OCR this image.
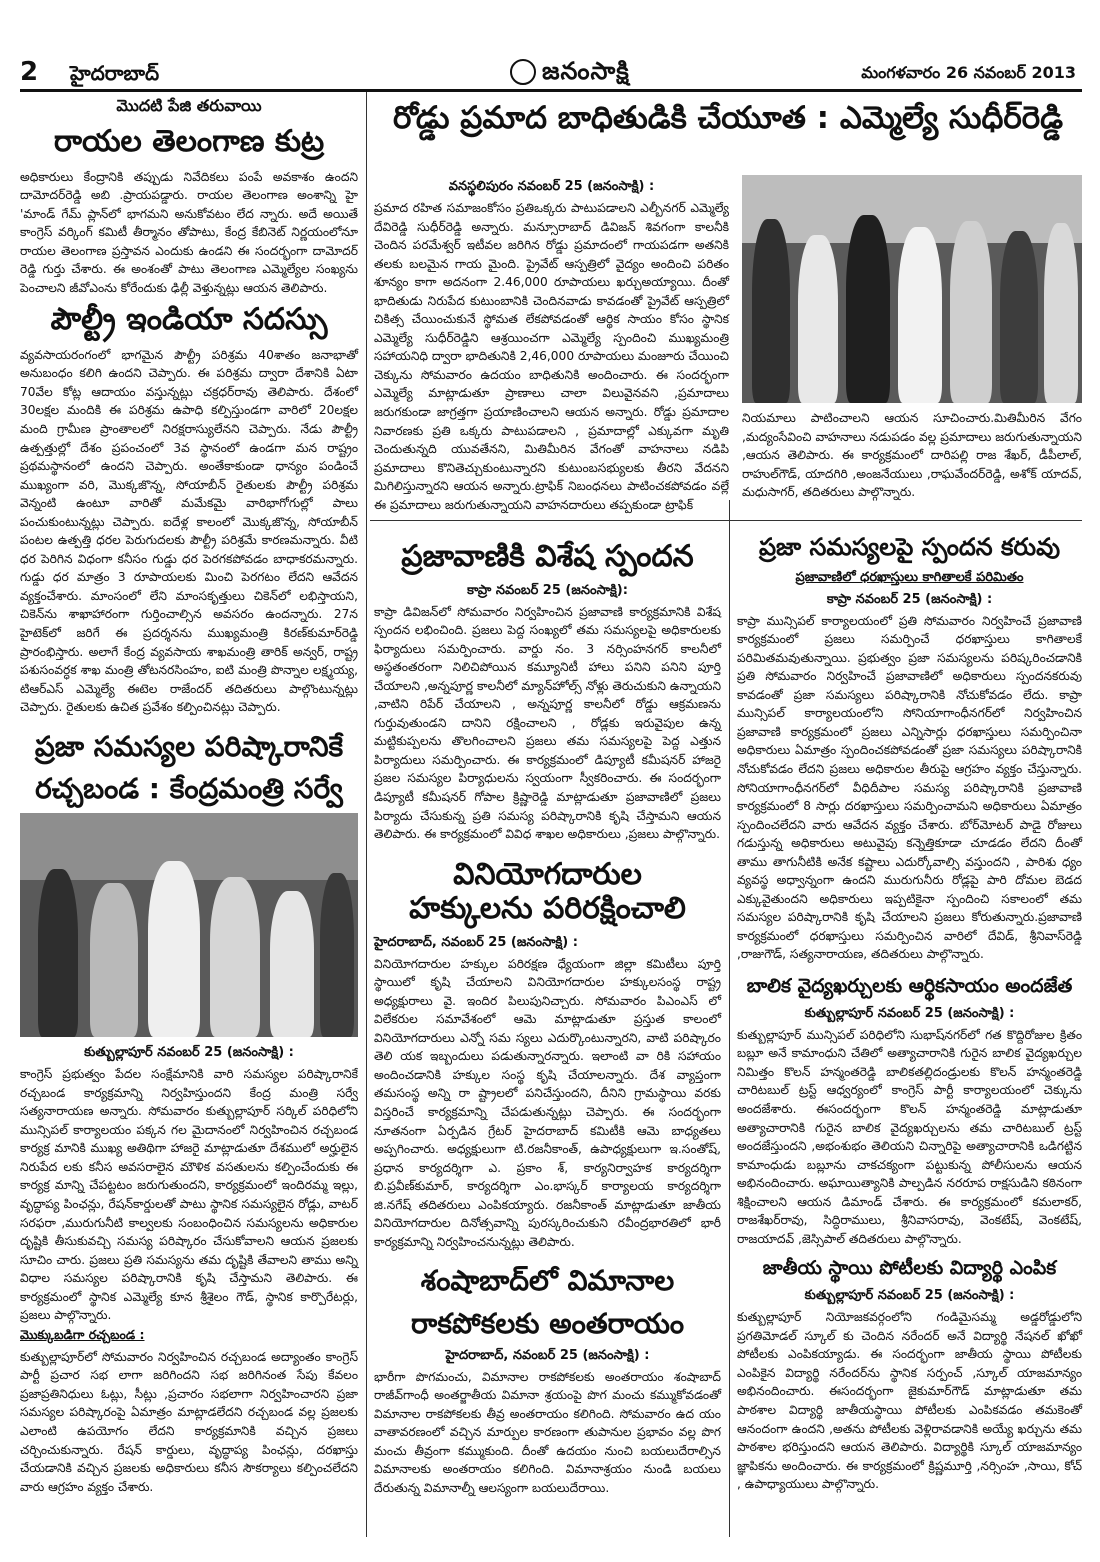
2 హైదరాబాద్	జనంసాక్షి	మంగళవారం 26 నవంబర్ 2013
మొదటి పేజి తరువాయి
రాయల తెలంగాణ కుట్ర

అధికారులు కేంద్రానికి తప్పుడు నివేదికలు పంపే అవకాశం ఉందని దామోదర్‌రెడ్డి అబి .ప్రాయపడ్డారు. రాయల తెలంగాణ అంశాన్ని హై 'మాండ్ గేమ్ ప్లాన్‌లో భాగమని అనుకోవటం లేద న్నారు. అదే అయితే కాంగ్రెస్ వర్కింగ్ కమిటీ తీర్మానం తోపాటు, కేంద్ర కేబినెట్ నిర్ణయంలోనూ రాయల తెలంగాణ ప్రస్తావన ఎందుకు ఉండని ఈ సందర్భంగా దామోదర్ రెడ్డి గుర్తు చేశారు. ఈ అంశంతో పాటు తెలంగాణ ఎమ్మెల్యేల సంఖ్యను పెంచాలని జీవోఎంను కోరేందుకు ఢిల్లీ వెళ్తున్నట్లు ఆయన తెలిపారు.

పౌల్ట్రీ ఇండియా సదస్సు

వ్యవసాయరంగంలో భాగమైన పౌల్ట్రీ పరిశ్రమ 40శాతం జనాభాతో అనుబంధం కలిగి ఉందని చెప్పారు. ఈ పరిశ్రమ ద్వారా దేశానికి ఏటా 70వేల కోట్ల ఆదాయం వస్తున్నట్లు చక్రధర్‌రావు తెలిపారు. దేశంలో 30లక్షల మందికి ఈ పరిశ్రమ ఉపాధి కల్పిస్తుండగా వారిలో 20లక్షల మంది గ్రామీణ ప్రాంతాలలో నిరక్షరాస్యులేనని చెప్పారు. నేడు పౌల్ట్రీ ఉత్పత్తుల్లో దేశం ప్రపంచంలో 3వ స్థానంలో ఉండగా మన రాష్ట్రం ప్రథమస్థానంలో ఉందని చెప్పారు. అంతేకాకుండా ధాన్యం పండించే ముఖ్యంగా వరి, మొక్కజొన్న, సోయాబీన్ రైతులకు పౌల్ట్రీ పరిశ్రమ వెన్నంటి ఉంటూ వారితో మమేకమై వారిభాగోగుల్లో పాలు పంచుకుంటున్నట్లు చెప్పారు. ఐదేళ్ల కాలంలో మొక్కజొన్న, సోయాబీన్ పంటల ఉత్పత్తి ధరల పెరుగుదలకు పౌల్ట్రీ పరిశ్రమే కారణమన్నారు. వీటి ధర పెరిగిన విధంగా కనీసం గుడ్డు ధర పెరగకపోవడం బాధాకరమన్నారు. గుడ్డు ధర మాత్రం 3 రూపాయలకు మించి పెరగటం లేదని ఆవేదన వ్యక్తంచేశారు. మాంసంలో లేని మాంసకృత్తులు చికెన్‌లో లభిస్తాయని, చికెన్‌ను శాఖాహారంగా గుర్తించాల్సిన అవసరం ఉందన్నారు. 27న హైటెక్‌లో జరిగే ఈ ప్రదర్శనను ముఖ్యమంత్రి కిరణ్‌కుమార్‌రెడ్డి ప్రారంభిస్తారు. అలాగే కేంద్ర వ్యవసాయ శాఖమంత్రి తారిక్ అన్వర్, రాష్ట్ర పశుసంవర్ధక శాఖ మంత్రి తోటనరసింహం, ఐటి మంత్రి పొన్నాల లక్ష్మయ్య, టిఆర్ఎస్ ఎమ్మెల్యే ఈటెల రాజేందర్ తదితరులు పాల్గొంటున్నట్లు చెప్పారు. రైతులకు ఉచిత ప్రవేశం కల్పించినట్లు చెప్పారు.

ప్రజా సమస్యల పరిష్కారానికే
రచ్చబండ : కేంద్రమంత్రి సర్వే
కుత్బుల్లాపూర్ నవంబర్ 25 (జనంసాక్షి) :

కాంగ్రెస్ ప్రభుత్వం పేదల సంక్షేమానికి వారి సమస్యల పరిష్కారానికే రచ్చబండ కార్యక్రమాన్ని నిర్వహిస్తుందని కేంద్ర మంత్రి సర్వే సత్యనారాయణ అన్నారు. సోమవారం కుత్బుల్లాపూర్ సర్కిల్ పరిధిలోని మున్సిపల్ కార్యాలయం పక్కన గల మైదానంలో నిర్వహించిన రచ్చబండ కార్యక్ర మానికి ముఖ్య అతిథిగా హాజరై మాట్లాడుతూ దేశములో అర్హులైన నిరుపేద లకు కనీస అవసరాలైన మౌళిక వసతులను కల్పించేందుకు ఈ కార్యక్ర మాన్ని చేపట్టటం జరుగుతుందని, కార్యక్రమంలో ఇందిరమ్మ ఇల్లు, వృద్ధాప్య పింఛన్లు, రేషన్‌కార్డులతో పాటు స్థానిక సమస్యలైన రోడ్లు, వాటర్ సరఫరా ,మురుగునీటి కాల్వలకు సంబంధించిన సమస్యలను అధికారుల దృష్టికి తీసుకువచ్చి సమస్య పరిష్కారం చేసుకోవాలని ఆయన ప్రజలకు సూచిం చారు. ప్రజలు ప్రతి సమస్యను తమ దృష్టికి తేవాలని తాము అన్ని విధాల సమస్యల పరిష్కారానికి కృషి చేస్తామని తెలిపారు. ఈ కార్యక్రమంలో స్థానిక ఎమ్మెల్యే కూన శ్రీశైలం గౌడ్, స్థానిక కార్పొరేటర్లు, ప్రజలు పాల్గొన్నారు.

మొక్కుబడిగా రచ్చబండ :

కుత్బుల్లాపూర్‌లో సోమవారం నిర్వహించిన రచ్చబండ అద్యాంతం కాంగ్రెస్ పార్టీ ప్రచార సభ లాగా జరిగిందని సభ జరిగినంత సేపు కేవలం ప్రజాప్రతినిధులు ఓట్లు, సీట్లు ,ప్రచారం సభలాగా నిర్వహించారని ప్రజా సమస్యల పరిష్కారంపై ఏమాత్రం మాట్లాడలేదని రచ్చబండ వల్ల ప్రజలకు ఎలాంటి ఉపయోగం లేదని కార్యక్రమానికి వచ్చిన ప్రజలు చర్చించుకున్నారు. రేషన్ కార్డులు, వృద్ధాప్య పింఛన్లు, దరఖాస్తు చేయడానికి వచ్చిన ప్రజలకు అధికారులు కనీస సౌకర్యాలు కల్పించలేదని వారు ఆగ్రహం వ్యక్తం చేశారు.

రోడ్డు ప్రమాద బాధితుడికి చేయూత : ఎమ్మెల్యే సుధీర్‌రెడ్డి
వనస్థలిపురం నవంబర్ 25 (జనంసాక్షి) :

ప్రమాద రహిత సమాజంకోసం ప్రతిఒక్కరు పాటుపడాలని ఎల్బీనగర్ ఎమ్మెల్యే దేవిరెడ్డి సుధీర్‌రెడ్డి అన్నారు. మన్సూరాబాద్ డివిజన్ శివగంగా కాలనీకి చెందిన పరమేశ్వర్ ఇటీవల జరిగిన రోడ్డు ప్రమాదంలో గాయపడగా అతనికి తలకు బలమైన గాయ మైంది. ప్రైవేట్ ఆస్పత్రిలో వైద్యం అందించి పరితం శూన్యం కాగా అదనంగా 2.46,000 రూపాయలు ఖర్చుఅయ్యాయి. దీంతో భాదితుడు నిరుపేద కుటుంబానికి చెందినవాడు కావడంతో ప్రైవేట్ ఆస్పత్రిలో చికిత్స చేయించుకునే స్థోమత లేకపోవడంతో ఆర్థిక సాయం కోసం స్థానిక ఎమ్మెల్యే సుధీర్‌రెడ్డిని ఆశ్రయించగా ఎమ్మెల్యే స్పందించి ముఖ్యమంత్రి సహాయనిధి ద్వారా భాదితునికి 2,46,000 రూపాయలు మంజూరు చేయించి చెక్కును సోమవారం ఉదయం బాధితునికి అందించారు. ఈ సందర్భంగా ఎమ్మెల్యే మాట్లాడుతూ ప్రాణాలు చాలా విలువైనవని ,ప్రమాదాలు జరుగకుండా జాగ్రత్తగా ప్రయాణించాలని ఆయన అన్నారు. రోడ్డు ప్రమాదాల నివారణకు ప్రతి ఒక్కరు పాటుపడాలని , ప్రమాదాల్లో ఎక్కువగా మృతి చెందుతున్నది యువతేనని, మితిమీరిన వేగంతో వాహనాలు నడిపి ప్రమాదాలు కొనితెచ్చుకుంటున్నారని కుటుంబసభ్యులకు తీరని వేదనని మిగిలిస్తున్నారని ఆయన అన్నారు.ట్రాఫిక్ నిబంధనలు పాటించకపోవడం వల్లే ఈ ప్రమాదాలు జరుగుతున్నాయని వాహనదారులు తప్పకుండా ట్రాఫిక్

నియమాలు పాటించాలని ఆయన సూచించారు.మితిమీరిన వేగం ,మద్యంసేవించి వాహనాలు నడుపడం వల్ల ప్రమాదాలు జరుగుతున్నాయని ,ఆయన తెలిపారు. ఈ కార్యక్రమంలో దారిపల్లి రాజ శేఖర్, డీపీలాల్, రాహుల్‌గౌడ్, యాదగిరి ,అంజనేయులు ,రాఘవేందర్‌రెడ్డి, అశోక్ యాదవ్, మధుసాగర్, తదితరులు పాల్గొన్నారు.

ప్రజావాణికి విశేష స్పందన
కాప్రా నవంబర్ 25 (జనంసాక్షి):

కాప్రా డివిజన్‌లో సోమవారం నిర్వహించిన ప్రజావాణి కార్యక్రమానికి విశేష స్పందన లభించింది. ప్రజలు పెద్ద సంఖ్యలో తమ సమస్యలపై అధికారులకు ఫిర్యాదులు సమర్పించారు. వార్డు నం. 3 నర్సింహనగర్ కాలనీలో అస్థతంతరంగా నిలిచిపోయిన కమ్యూనిటీ హాలు పనిని పనిని పూర్తి చేయాలని ,అన్నపూర్ణ కాలనీలో మ్యాన్‌హోల్స్ నోళ్లు తెరుచుకుని ఉన్నాయని ,వాటిని రిపేర్ చేయాలని , అన్నపూర్ణ కాలనీలో రోడ్డు ఆక్రమణను గుర్తువుతుండని దానిని రక్షించాలని , రోడ్లకు ఇరువైపుల ఉన్న మట్టికుప్పలను తొలగించాలని ప్రజలు తమ సమస్యలపై పెద్ద ఎత్తున పిర్యాదులు సమర్పించారు. ఈ కార్యక్రమంలో డిప్యూటీ కమీషనర్ హాజరై ప్రజల సమస్యల పిర్యాధులను స్వయంగా స్వీకరించారు. ఈ సందర్భంగా డిప్యూటీ కమీషనర్ గోపాల క్రిష్ణారెడ్డి మాట్లాడుతూ ప్రజావాణిలో ప్రజలు పిర్యాదు చేసుకున్న ప్రతి సమస్య పరిష్కారానికి కృషి చేస్తామని ఆయన తెలిపారు. ఈ కార్యక్రమంలో వివిధ శాఖల అధికారులు ,ప్రజలు పాల్గొన్నారు.

వినియోగదారుల
హక్కులను పరిరక్షించాలి
హైదరాబాద్, నవంబర్ 25 (జనంసాక్షి) :

వినియోగదారుల హక్కుల పరిరక్షణ ధ్యేయంగా జిల్లా కమిటీలు పూర్తి స్థాయిలో కృషి చేయాలని వినియోగదారుల హక్కులసంస్థ రాష్ట్ర అధ్యక్షురాలు వై. ఇందిర పిలుపునిచ్చారు. సోమవారం పిఎంఎస్ లో విలేకరుల సమావేశంలో ఆమె మాట్లాడుతూ ప్రస్తుత కాలంలో వినియోగదారులు ఎన్నో సమ స్యలు ఎదుర్కొంటున్నారని, వాటి పరిష్కారం తెలి యక ఇబ్బందులు పడుతున్నారన్నారు. ఇలాంటి వా రికి సహాయం అందించడానికి హక్కుల సంస్థ కృషి చేయాలన్నారు. దేశ వ్యాప్తంగా తమసంస్థ అన్ని రా ష్ట్రాలలో పనిచేస్తుందని, దీనిని గ్రామస్థాయి వరకు విస్తరించే కార్యక్రమాన్ని చేపడుతున్నట్లు చెప్పారు. ఈ సందర్భంగా నూతనంగా ఏర్పడిన గ్రేటర్ హైదరాబాద్ కమిటీకి ఆమె బాధ్యతలు అప్పగించారు. అధ్యక్షులుగా టి.రజనీకాంత్, ఉపాధ్యక్షులుగా ఇ.సంతోష్, ప్రధాన కార్యదర్శిగా ఎ. ప్రకాం శ్, కార్యనిర్వాహక కార్యదర్శిగా బి.ప్రవీణ్‌కుమార్, కార్యదర్శిగా ఎం.భాస్కర్ కార్యాలయ కార్యదర్శిగా జి.నగేష్ తదితరులు ఎంపికయ్యారు. రజనీకాంత్ మాట్లాడుతూ జాతీయ వినియోగదారుల దినోత్సవాన్ని పురస్కరించుకుని రవీంద్రభారతిలో భారీ కార్యక్రమాన్ని నిర్వహించనున్నట్లు తెలిపారు.

శంషాబాద్‌లో విమానాల
రాకపోకలకు అంతరాయం
హైదరాబాద్, నవంబర్ 25 (జనంసాక్షి) :

భారీగా పొగమంచు, విమానాల రాకపోకలకు అంతరాయం శంషాబాద్ రాజీవ్‌గాంధీ అంతర్జాతీయ విమానా శ్రయంపై పొగ మంచు కమ్ముకోవడంతో విమానాల రాకపోకలకు తీవ్ర అంతరాయం కలిగింది. సోమవారం ఉద యం వాతావరణంలో వచ్చిన మార్పుల కారణంగా తుపానుల ప్రభావం వల్ల పొగ మంచు తీవ్రంగా కమ్ముకుంది. దీంతో ఉదయం నుంచి బయలుదేరాల్సిన విమానాలకు అంతరాయం కలిగింది. విమానాశ్రయం నుండి బయలు దేరుతున్న విమానాల్నీ ఆలస్యంగా బయలుదేరాయి.

ప్రజా సమస్యలపై స్పందన కరువు
ప్రజావాణిలో ధరఖాస్తులు కాగితాలకే పరిమితం
కాప్రా నవంబర్ 25 (జనంసాక్షి) :

కాప్రా మున్సిపల్ కార్యాలయంలో ప్రతి సోమవారం నిర్వహించే ప్రజావాణి కార్యక్రమంలో ప్రజలు సమర్పించే ధరఖాస్తులు కాగితాలకే పరిమితమవుతున్నాయి. ప్రభుత్వం ప్రజా సమస్యలను పరిష్కరించడానికి ప్రతి సోమవారం నిర్వహించే ప్రజావాణిలో అధికారులు స్పందనకరువు కావడంతో ప్రజా సమస్యలు పరిష్కారానికి నోచుకోవడం లేదు. కాప్రా మున్సిపల్ కార్యాలయంలోని సోనియాగాంధీనగర్‌లో నిర్వహించిన ప్రజావాణి కార్యక్రమంలో ప్రజలు ఎన్నిసార్లు ధరఖాస్తులు సమర్పించినా అధికారులు ఏమాత్రం స్పందించకపోవడంతో ప్రజా సమస్యలు పరిష్కారానికి నోచుకోవడం లేదని ప్రజలు అధికారుల తీరుపై ఆగ్రహం వ్యక్తం చేస్తున్నారు. సోనియాగాంధీనగర్‌లో వీధిదీపాల సమస్య పరిష్కారానికి ప్రజావాణి కార్యక్రమంలో 8 సార్లు దరఖాస్తులు సమర్పించామని అధికారులు ఏమాత్రం స్పందించలేదని వారు ఆవేదన వ్యక్తం చేశారు. బోర్‌మోటర్ పాడై రోజులు గడుస్తున్న అధికారులు అటువైపు కన్నెత్తికూడా చూడడం లేదని దీంతో తాము తాగునీటికి అనేక కష్టాలు ఎదుర్కోవాల్సి వస్తుందని , పారిశు ధ్యం వ్యవస్థ అధ్వాన్నంగా ఉందని మురుగునీరు రోడ్లపై పారి దోమల బెడద ఎక్కువైతుందని అధికారులు ఇప్పటికైనా స్పందించి సకాలంలో తమ సమస్యల పరిష్కారానికి కృషి చేయాలని ప్రజలు కోరుతున్నారు.ప్రజావాణి కార్యక్రమంలో ధరఖాస్తులు సమర్పించిన వారిలో దేవిడ్, శ్రీనివాస్‌రెడ్డి ,రాజుగౌడ్, సత్యనారాయణ, తదితరులు పాల్గొన్నారు.

బాలిక వైద్యఖర్చులకు ఆర్థికసాయం అందజేత
కుత్బుల్లాపూర్ నవంబర్ 25 (జనంసాక్షి) :

కుత్బుల్లాపూర్ మున్సిపల్ పరిధిలోని సుభాష్‌నగర్‌లో గత కొద్దిరోజుల క్రితం బబ్లూ అనే కామాంధుని చేతిలో అత్యాచారానికి గురైన బాలిక వైద్యఖర్చుల నిమిత్తం కొలన్ హన్మంతరెడ్డి బాలికతల్లిదండ్రులకు కొలన్ హన్మంతరెడ్డి చారిటబుల్ ట్రస్ట్ ఆధ్వర్యంలో కాంగ్రెస్ పార్టీ కార్యాలయంలో చెక్కును అందజేశారు. ఈసందర్భంగా కొలన్ హన్మంతరెడ్డి మాట్లాడుతూ అత్యాచారానికి గురైన బాలిక వైద్యఖర్చులను తమ చారిటబుల్ ట్రస్ట్ అందజేస్తుందని ,అభంశుభం తెలియని చిన్నారిపై అత్యాచారానికి ఒడిగట్టిన కామాంధుడు బబ్లూను చాకచక్యంగా పట్టుకున్న పోలీసులను ఆయన అభినందించారు. అఘాయిత్యానికి పాల్పడిన నరరూప రాక్షసుడిని కఠినంగా శిక్షించాలని ఆయన డిమాండ్ చేశారు. ఈ కార్యక్రమంలో కమలాకర్, రాజశేఖర్‌రావు, సిద్ధిరాములు, శ్రీనివాసరావు, వెంకటేష్, వెంకటేష్, రాజయాదవ్ ,జెస్సిపాల్ తదితరులు పాల్గొన్నారు.

జాతీయ స్థాయి పోటీలకు విద్యార్థి ఎంపిక
కుత్బుల్లాపూర్ నవంబర్ 25 (జనంసాక్షి) :

కుత్బుల్లాపూర్ నియోజకవర్గంలోని గండిమైసమ్మ అడ్డరోడ్డులోని ప్రగతిమోడల్ స్కూల్ కు చెందిన నరేందర్ అనే విద్యార్థి నేషనల్ ఖోఖో పోటీలకు ఎంపికయ్యాడు. ఈ సందర్భంగా జాతీయ స్థాయి పోటీలకు ఎంపికైన విద్యార్థి నరేందర్‌ను స్థానిక సర్పంచ్ ,స్కూల్ యాజమాన్యం అభినందించారు. ఈసందర్భంగా జైకుమార్‌గౌడ్ మాట్లాడుతూ తమ పాఠశాల విద్యార్థి జాతీయస్థాయి పోటీలకు ఎంపికవడం తమకెంతో ఆనందంగా ఉందని ,అతను పోటీలకు వెళ్లిరావడానికి అయ్యే ఖర్చును తమ పాఠశాల భరిస్తుందని ఆయన తెలిపారు. విద్యార్థికి స్కూల్ యాజమాన్యం జ్ఞాపికను అందించారు. ఈ కార్యక్రమంలో క్రిష్ణమూర్తి ,నర్సింహ ,సాయి, కోచ్ , ఉపాధ్యాయులు పాల్గొన్నారు.
